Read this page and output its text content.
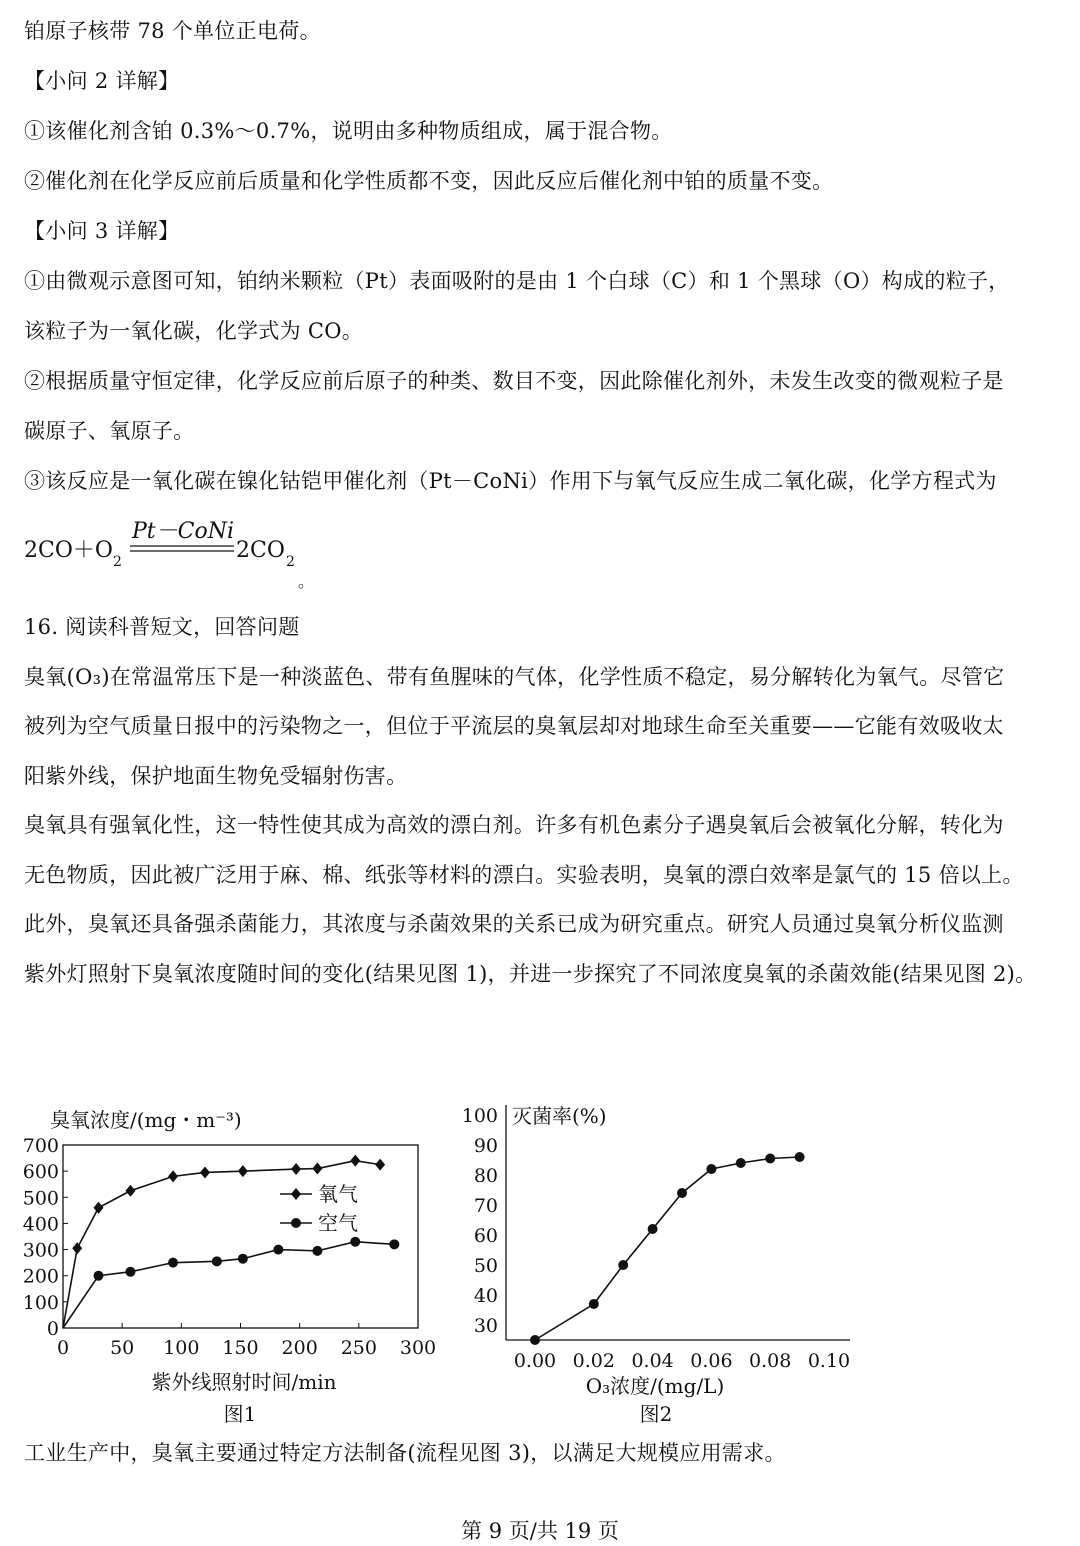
铂原子核带 78 个单位正电荷。
【小问 2 详解】
①该催化剂含铂 0.3%～0.7%，说明由多种物质组成，属于混合物。
②催化剂在化学反应前后质量和化学性质都不变，因此反应后催化剂中铂的质量不变。
【小问 3 详解】
①由微观示意图可知，铂纳米颗粒（Pt）表面吸附的是由 1 个白球（C）和 1 个黑球（O）构成的粒子，
该粒子为一氧化碳，化学式为 CO。
②根据质量守恒定律，化学反应前后原子的种类、数目不变，因此除催化剂外，未发生改变的微观粒子是
碳原子、氧原子。
③该反应是一氧化碳在镍化钴铠甲催化剂（Pt－CoNi）作用下与氧气反应生成二氧化碳，化学方程式为
2CO＋O 2
Pt－CoNi
2CO 2
。
16. 阅读科普短文，回答问题
臭氧(O₃)在常温常压下是一种淡蓝色、带有鱼腥味的气体，化学性质不稳定，易分解转化为氧气。尽管它
被列为空气质量日报中的污染物之一，但位于平流层的臭氧层却对地球生命至关重要——它能有效吸收太
阳紫外线，保护地面生物免受辐射伤害。
臭氧具有强氧化性，这一特性使其成为高效的漂白剂。许多有机色素分子遇臭氧后会被氧化分解，转化为
无色物质，因此被广泛用于麻、棉、纸张等材料的漂白。实验表明，臭氧的漂白效率是氯气的 15 倍以上。
此外，臭氧还具备强杀菌能力，其浓度与杀菌效果的关系已成为研究重点。研究人员通过臭氧分析仪监测
紫外灯照射下臭氧浓度随时间的变化(结果见图 1)，并进一步探究了不同浓度臭氧的杀菌效能(结果见图 2)。
臭氧浓度/(mg・m⁻³)
0
100
200
300
400
500
600
700
0 50 100 150 200 250 300
氧气
空气
紫外线照射时间/min
图1
灭菌率(%)
30
40
50
60
70
80
90
100
0.00 0.02 0.04 0.06 0.08 0.10
O₃浓度/(mg/L)
图2
工业生产中，臭氧主要通过特定方法制备(流程见图 3)，以满足大规模应用需求。
第 9 页/共 19 页
